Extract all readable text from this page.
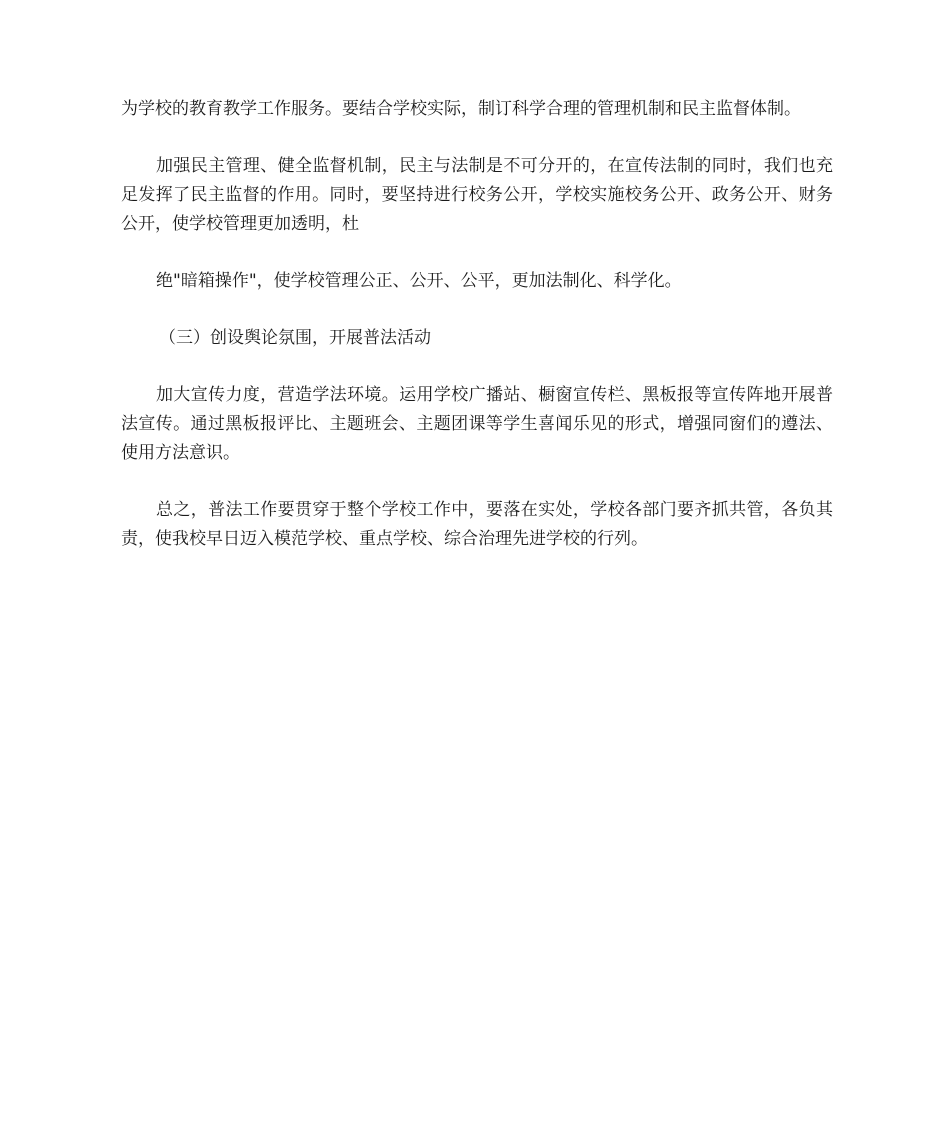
为学校的教育教学工作服务。要结合学校实际，制订科学合理的管理机制和民主监督体制。

加强民主管理、健全监督机制，民主与法制是不可分开的，在宣传法制的同时，我们也充足发挥了民主监督的作用。同时，要坚持进行校务公开，学校实施校务公开、政务公开、财务公开，使学校管理更加透明，杜

绝"暗箱操作"，使学校管理公正、公开、公平，更加法制化、科学化。

（三）创设舆论氛围，开展普法活动

加大宣传力度，营造学法环境。运用学校广播站、橱窗宣传栏、黑板报等宣传阵地开展普法宣传。通过黑板报评比、主题班会、主题团课等学生喜闻乐见的形式，增强同窗们的遵法、使用方法意识。

总之，普法工作要贯穿于整个学校工作中，要落在实处，学校各部门要齐抓共管，各负其责，使我校早日迈入模范学校、重点学校、综合治理先进学校的行列。
